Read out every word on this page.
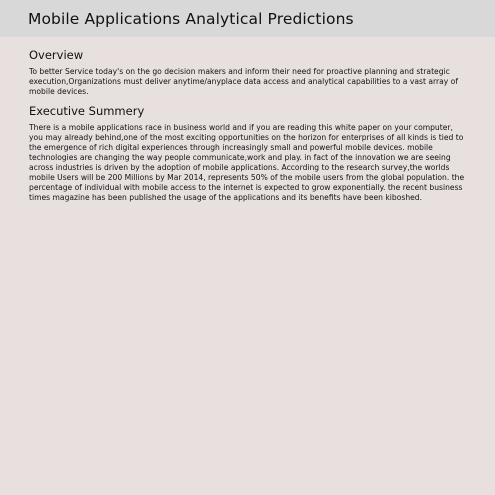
Mobile Applications Analytical Predictions
Overview

To better Service today's on the go decision makers and inform their need for proactive planning and strategic execution,Organizations must deliver anytime/anyplace data access and analytical capabilities to a vast array of mobile devices.

Executive Summery

There is a mobile applications race in business world and if you are reading this white paper on your computer, you may already behind,one of the most exciting opportunities on the horizon for enterprises of all kinds is tied to the emergence of rich digital experiences through increasingly small and powerful mobile devices. mobile technologies are changing the way people communicate,work and play. in fact of the innovation we are seeing across industries is driven by the adoption of mobile applications. According to the research survey,the worlds mobile Users will be 200 Millions by Mar 2014, represents 50% of the mobile users from the global population. the percentage of individual with mobile access to the internet is expected to grow exponentially. the recent business times magazine has been published the usage of the applications and its benefits have been kiboshed.
